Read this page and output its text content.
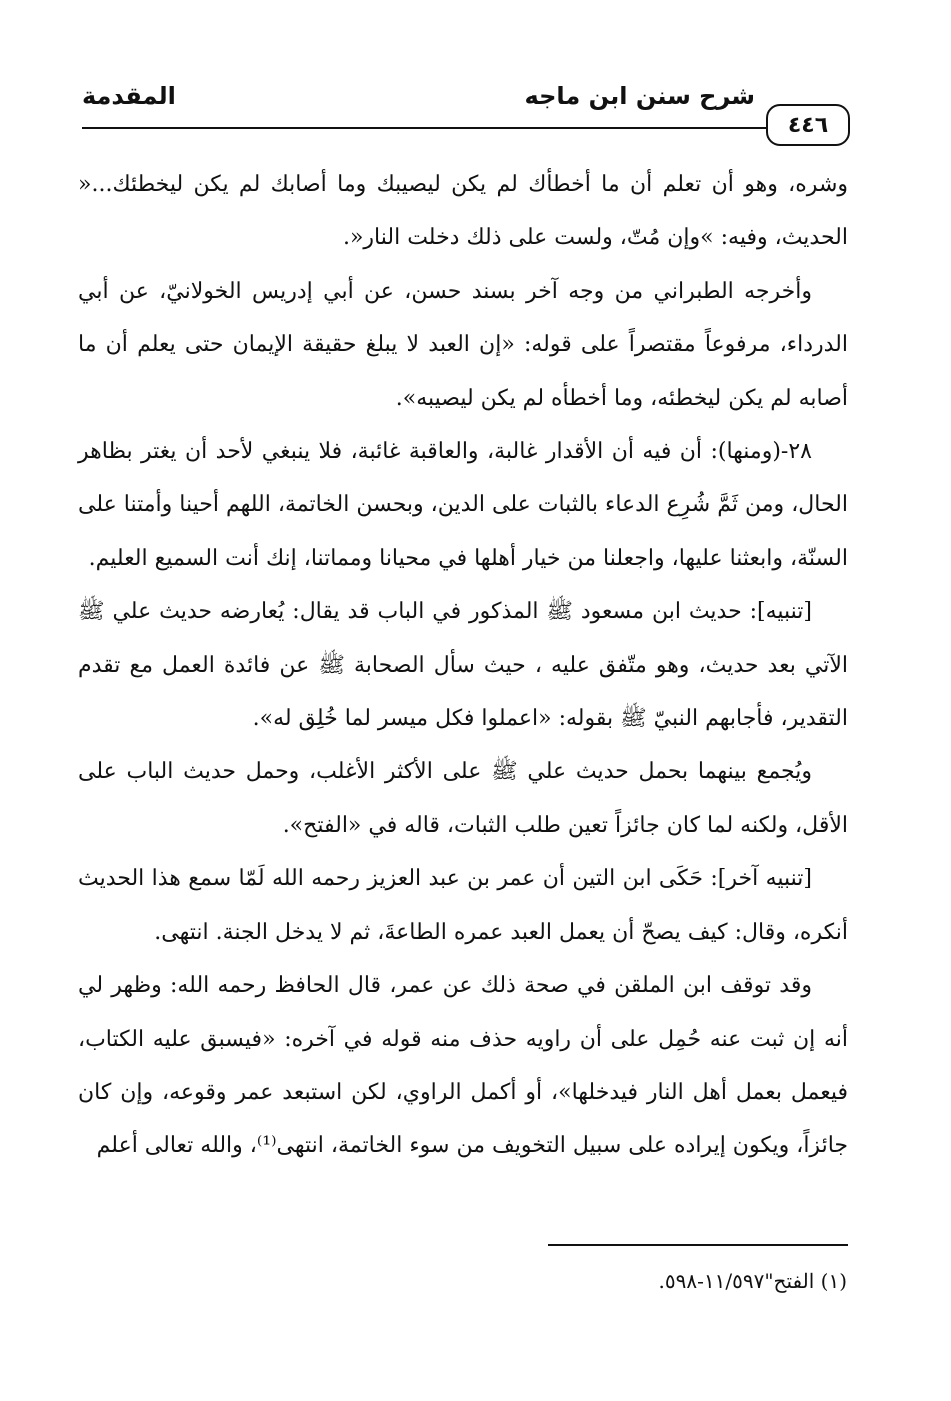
٤٤٦
شرح سنن ابن ماجه
المقدمة

وشره، وهو أن تعلم أن ما أخطأك لم يكن ليصيبك وما أصابك لم يكن ليخطئك...« الحديث، وفيه: »وإن مُتّ، ولست على ذلك دخلت النار«.

وأخرجه الطبراني من وجه آخر بسند حسن، عن أبي إدريس الخولانيّ، عن أبي الدرداء، مرفوعاً مقتصراً على قوله: «إن العبد لا يبلغ حقيقة الإيمان حتى يعلم أن ما أصابه لم يكن ليخطئه، وما أخطأه لم يكن ليصيبه».

٢٨-(ومنها): أن فيه أن الأقدار غالبة، والعاقبة غائبة، فلا ينبغي لأحد أن يغتر بظاهر الحال، ومن ثَمَّ شُرِع الدعاء بالثبات على الدين، وبحسن الخاتمة، اللهم أحينا وأمتنا على السنّة، وابعثنا عليها، واجعلنا من خيار أهلها في محيانا ومماتنا، إنك أنت السميع العليم.

[تنبيه]: حديث ابن مسعود ﷺ المذكور في الباب قد يقال: يُعارضه حديث علي ﷺ الآتي بعد حديث، وهو متّفق عليه ، حيث سأل الصحابة ﷺ عن فائدة العمل مع تقدم التقدير، فأجابهم النبيّ ﷺ بقوله: «اعملوا فكل ميسر لما خُلِق له».

ويُجمع بينهما بحمل حديث علي ﷺ على الأكثر الأغلب، وحمل حديث الباب على الأقل، ولكنه لما كان جائزاً تعين طلب الثبات، قاله في «الفتح».

[تنبيه آخر]: حَكَى ابن التين أن عمر بن عبد العزيز رحمه الله لَمّا سمع هذا الحديث أنكره، وقال: كيف يصحّ أن يعمل العبد عمره الطاعةَ، ثم لا يدخل الجنة. انتهى.

وقد توقف ابن الملقن في صحة ذلك عن عمر، قال الحافظ رحمه الله: وظهر لي أنه إن ثبت عنه حُمِل على أن راويه حذف منه قوله في آخره: «فيسبق عليه الكتاب، فيعمل بعمل أهل النار فيدخلها»، أو أكمل الراوي، لكن استبعد عمر وقوعه، وإن كان جائزاً، ويكون إيراده على سبيل التخويف من سوء الخاتمة، انتهى⁽¹⁾، والله تعالى أعلم

(١) الفتح"١١/٥٩٧-٥٩٨.
